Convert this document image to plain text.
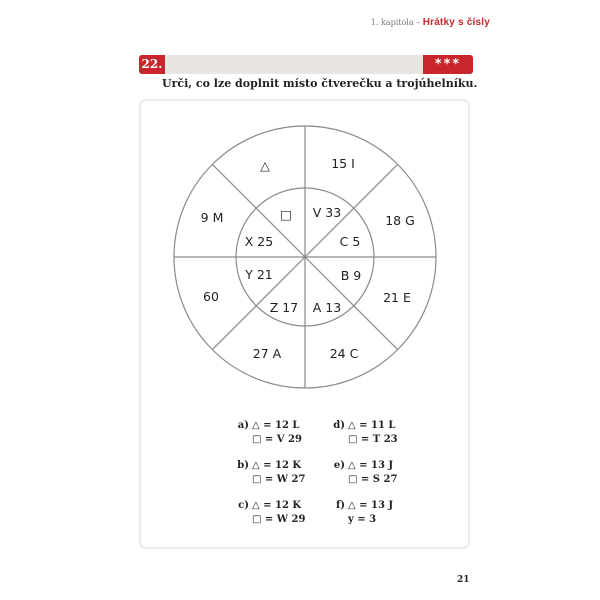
1. kapitola – Hrátky s čísly
22.	***
Urči, co lze doplnit místo čtverečku a trojúhelníku.
△	15 I
18 G
21 E
24 C
27 A
60
9 M	□ V 33
C 5
B 9
A 13
Z 17
Y 21
X 25
a) △ = 12 L
□ = V 29
b) △ = 12 K
□ = W 27
c) △ = 12 K
□ = W 29
d) △ = 11 L
□ = T 23
e) △ = 13 J
□ = S 27
f) △ = 13 J
y = 3
21
